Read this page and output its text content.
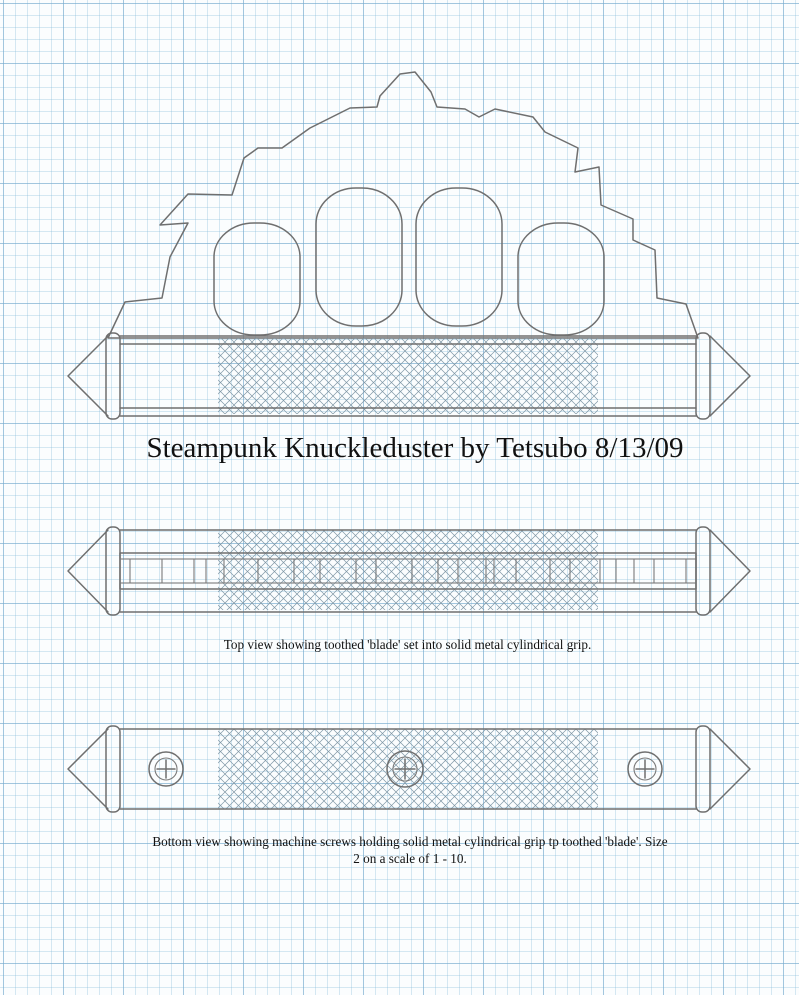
Steampunk Knuckleduster by Tetsubo 8/13/09
Top view showing toothed 'blade' set into solid metal cylindrical grip.
Bottom view showing machine screws holding solid metal cylindrical grip tp toothed 'blade'. Size 2 on a scale of 1 - 10.
